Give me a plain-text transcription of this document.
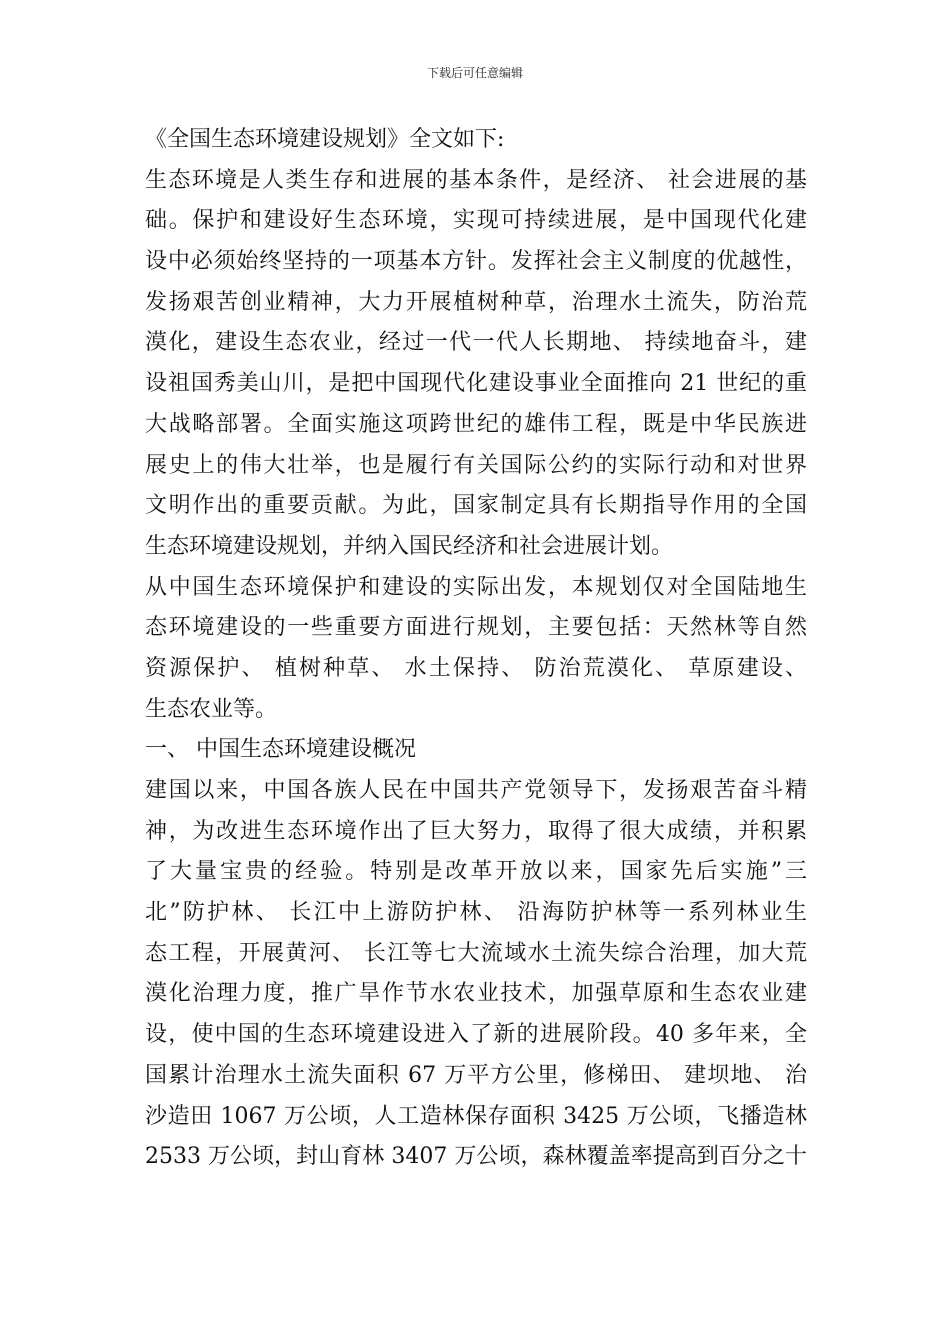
下载后可任意编辑
《全国生态环境建设规划》全文如下:
生态环境是人类生存和进展的基本条件，是经济、 社会进展的基
础。保护和建设好生态环境，实现可持续进展，是中国现代化建
设中必须始终坚持的一项基本方针。发挥社会主义制度的优越性，
发扬艰苦创业精神，大力开展植树种草，治理水土流失，防治荒
漠化，建设生态农业，经过一代一代人长期地、 持续地奋斗，建
设祖国秀美山川，是把中国现代化建设事业全面推向 21 世纪的重
大战略部署。全面实施这项跨世纪的雄伟工程，既是中华民族进
展史上的伟大壮举，也是履行有关国际公约的实际行动和对世界
文明作出的重要贡献。为此，国家制定具有长期指导作用的全国
生态环境建设规划，并纳入国民经济和社会进展计划。
从中国生态环境保护和建设的实际出发，本规划仅对全国陆地生
态环境建设的一些重要方面进行规划，主要包括：天然林等自然
资源保护、 植树种草、 水土保持、 防治荒漠化、 草原建设、
生态农业等。
一、 中国生态环境建设概况
建国以来，中国各族人民在中国共产党领导下，发扬艰苦奋斗精
神，为改进生态环境作出了巨大努力，取得了很大成绩，并积累
了大量宝贵的经验。特别是改革开放以来，国家先后实施”三
北”防护林、 长江中上游防护林、 沿海防护林等一系列林业生
态工程，开展黄河、 长江等七大流域水土流失综合治理，加大荒
漠化治理力度，推广旱作节水农业技术，加强草原和生态农业建
设，使中国的生态环境建设进入了新的进展阶段。40 多年来，全
国累计治理水土流失面积 67 万平方公里，修梯田、 建坝地、 治
沙造田 1067 万公顷，人工造林保存面积 3425 万公顷，飞播造林
2533 万公顷，封山育林 3407 万公顷，森林覆盖率提高到百分之十
